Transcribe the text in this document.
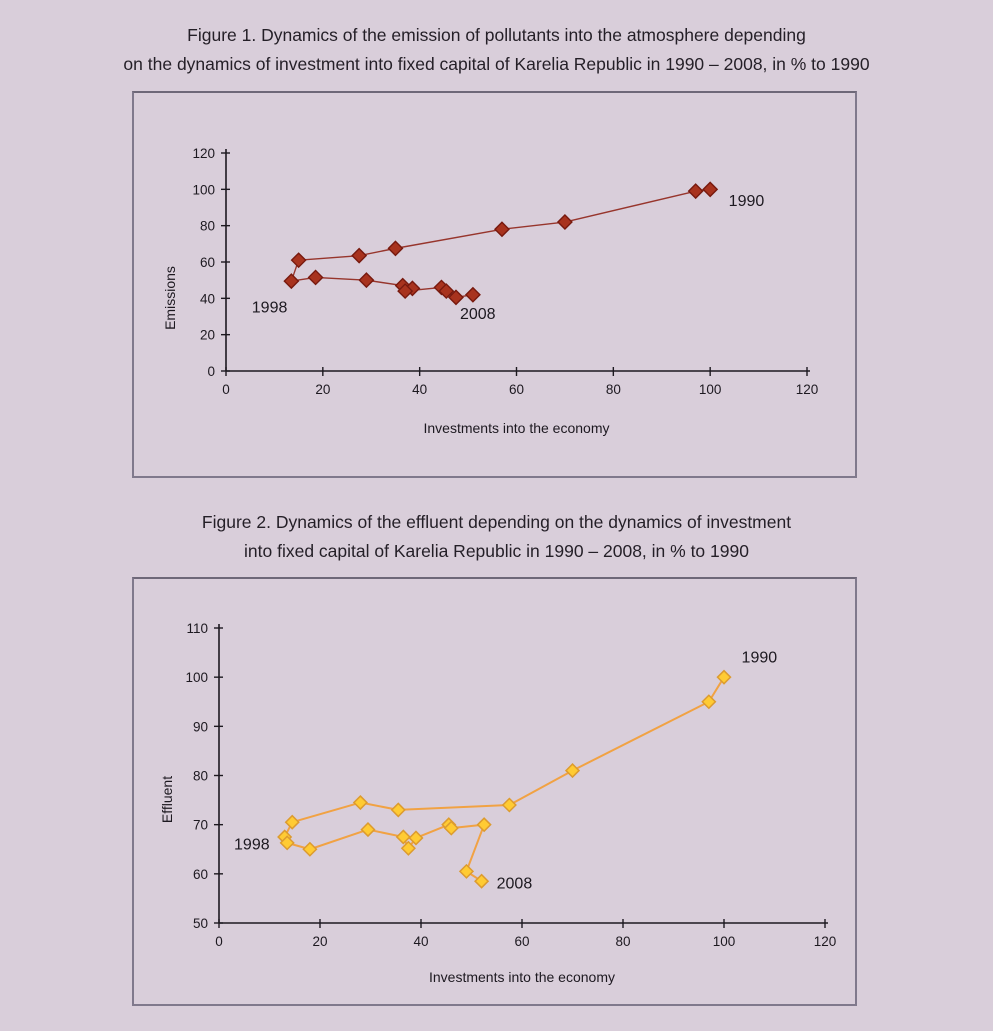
Figure 1. Dynamics of the emission of pollutants into the atmosphere depending
on the dynamics of investment into fixed capital of Karelia Republic in 1990 – 2008, in % to 1990
0	20	40	60	80	100	120
0
20
40
60
80
100
120
Investments into the economy
Emissions
1990
1998	2008
Figure 2. Dynamics of the effluent depending on the dynamics of investment
into fixed capital of Karelia Republic in 1990 – 2008, in % to 1990
0	20	40	60	80	100	120
50
60
70
80
90
100
110
Investments into the economy
Effluent
1990
1998
2008
